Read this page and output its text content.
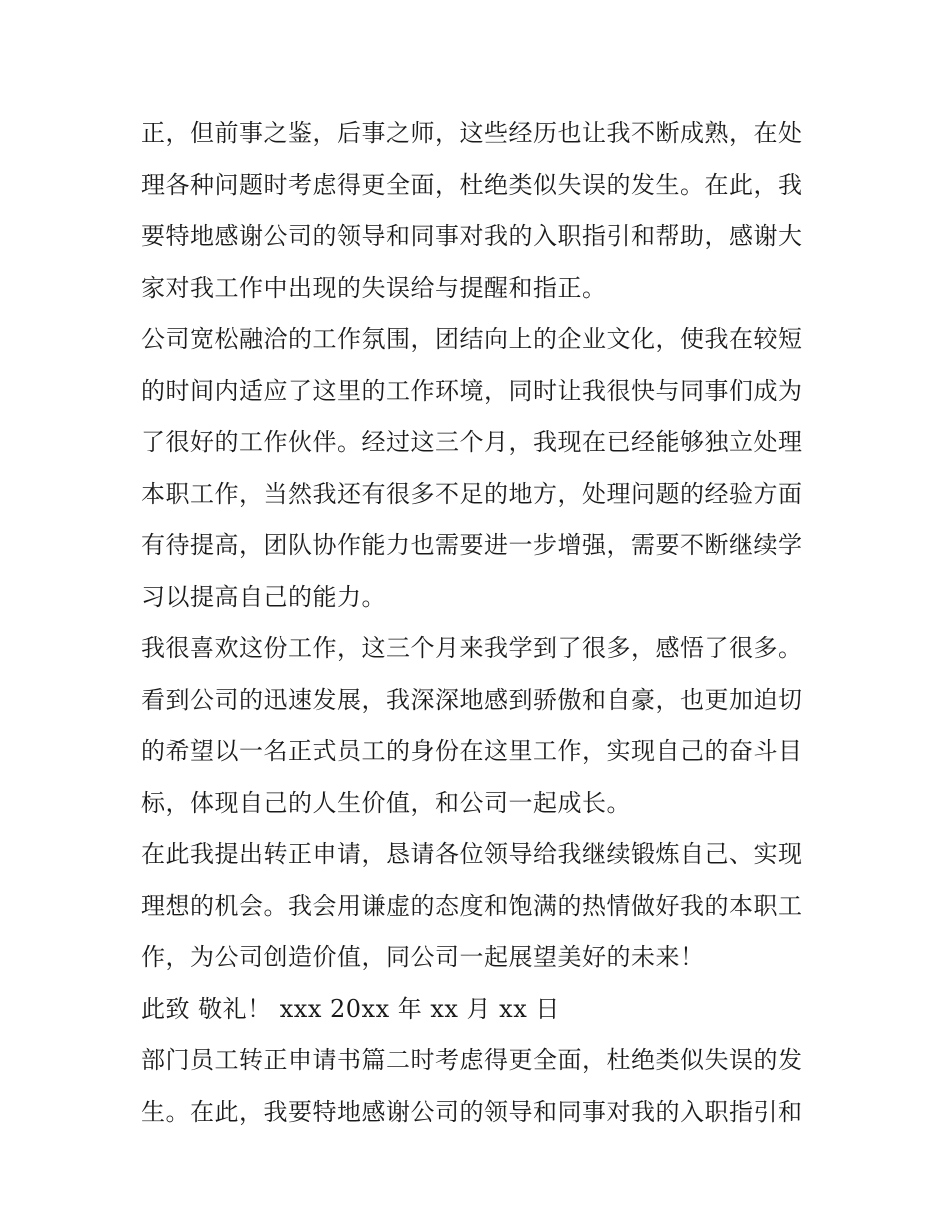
正，但前事之鉴，后事之师，这些经历也让我不断成熟，在处
理各种问题时考虑得更全面，杜绝类似失误的发生。在此，我
要特地感谢公司的领导和同事对我的入职指引和帮助，感谢大
家对我工作中出现的失误给与提醒和指正。
公司宽松融洽的工作氛围，团结向上的企业文化，使我在较短
的时间内适应了这里的工作环境，同时让我很快与同事们成为
了很好的工作伙伴。经过这三个月，我现在已经能够独立处理
本职工作，当然我还有很多不足的地方，处理问题的经验方面
有待提高，团队协作能力也需要进一步增强，需要不断继续学
习以提高自己的能力。
我很喜欢这份工作，这三个月来我学到了很多，感悟了很多。
看到公司的迅速发展，我深深地感到骄傲和自豪，也更加迫切
的希望以一名正式员工的身份在这里工作，实现自己的奋斗目
标，体现自己的人生价值，和公司一起成长。
在此我提出转正申请，恳请各位领导给我继续锻炼自己、实现
理想的机会。我会用谦虚的态度和饱满的热情做好我的本职工
作，为公司创造价值，同公司一起展望美好的未来！
此致 敬礼！ xxx 20xx 年 xx 月 xx 日
部门员工转正申请书篇二时考虑得更全面，杜绝类似失误的发
生。在此，我要特地感谢公司的领导和同事对我的入职指引和
